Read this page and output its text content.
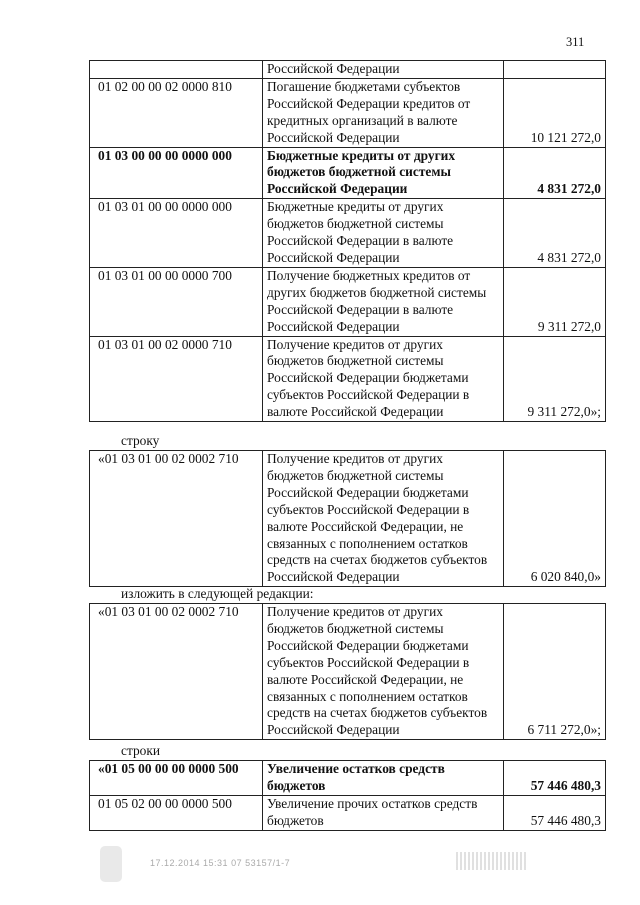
311
	Российской Федерации	
01 02 00 00 02 0000 810	Погашение бюджетами субъектов Российской Федерации кредитов от кредитных организаций в валюте Российской Федерации	10 121 272,0
01 03 00 00 00 0000 000	Бюджетные кредиты от других бюджетов бюджетной системы Российской Федерации	4 831 272,0
01 03 01 00 00 0000 000	Бюджетные кредиты от других бюджетов бюджетной системы Российской Федерации в валюте Российской Федерации	4 831 272,0
01 03 01 00 00 0000 700	Получение бюджетных кредитов от других бюджетов бюджетной системы Российской Федерации в валюте Российской Федерации	9 311 272,0
01 03 01 00 02 0000 710	Получение кредитов от других бюджетов бюджетной системы Российской Федерации бюджетами субъектов Российской Федерации в валюте Российской Федерации	9 311 272,0»;
строку
«01 03 01 00 02 0002 710	Получение кредитов от других бюджетов бюджетной системы Российской Федерации бюджетами субъектов Российской Федерации в валюте Российской Федерации, не связанных с пополнением остатков средств на счетах бюджетов субъектов Российской Федерации	6 020 840,0»
изложить в следующей редакции:
«01 03 01 00 02 0002 710	Получение кредитов от других бюджетов бюджетной системы Российской Федерации бюджетами субъектов Российской Федерации в валюте Российской Федерации, не связанных с пополнением остатков средств на счетах бюджетов субъектов Российской Федерации	6 711 272,0»;
строки
«01 05 00 00 00 0000 500	Увеличение остатков средств бюджетов	57 446 480,3
01 05 02 00 00 0000 500	Увеличение прочих остатков средств бюджетов	57 446 480,3
17.12.2014 15:31 07 53157/1-7
